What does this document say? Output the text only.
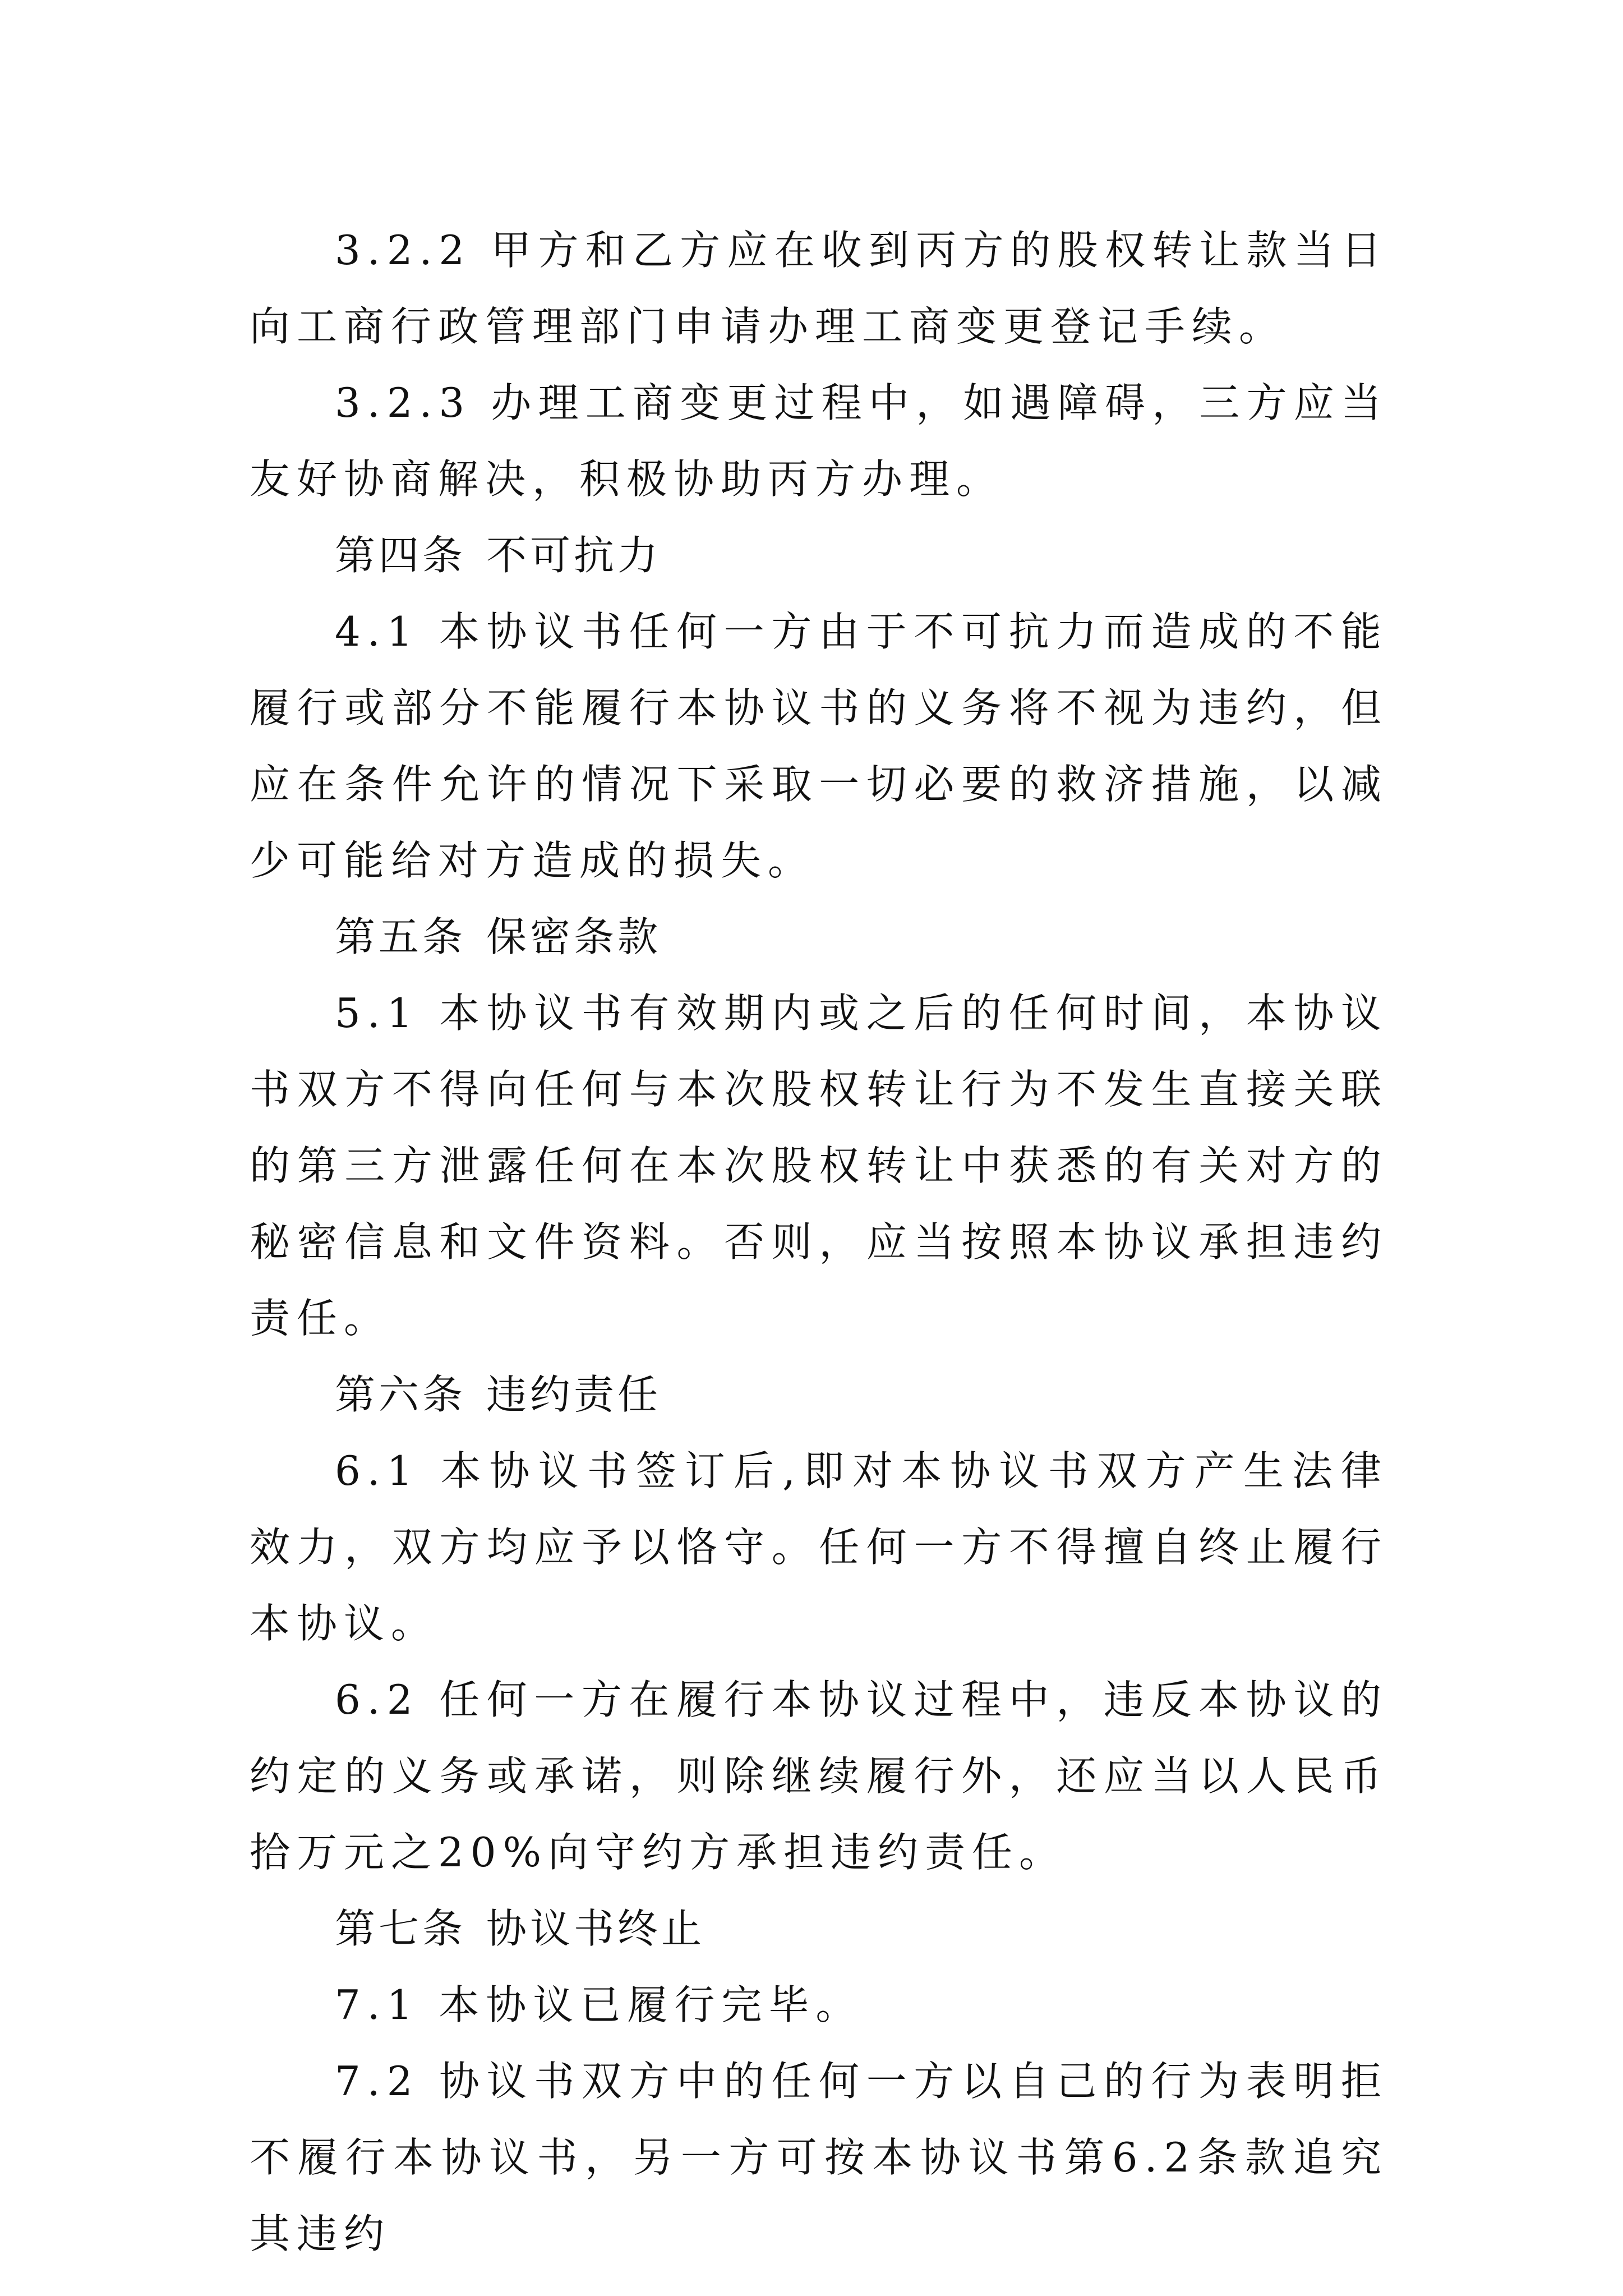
3.2.2 甲方和乙方应在收到丙方的股权转让款当日向工商行政管理部门申请办理工商变更登记手续。

3.2.3 办理工商变更过程中，如遇障碍，三方应当友好协商解决，积极协助丙方办理。

第四条 不可抗力

4.1 本协议书任何一方由于不可抗力而造成的不能履行或部分不能履行本协议书的义务将不视为违约，但应在条件允许的情况下采取一切必要的救济措施，以减少可能给对方造成的损失。

第五条 保密条款

5.1 本协议书有效期内或之后的任何时间，本协议书双方不得向任何与本次股权转让行为不发生直接关联的第三方泄露任何在本次股权转让中获悉的有关对方的秘密信息和文件资料。否则，应当按照本协议承担违约责任。

第六条 违约责任

6.1 本协议书签订后,即对本协议书双方产生法律效力，双方均应予以恪守。任何一方不得擅自终止履行本协议。

6.2 任何一方在履行本协议过程中，违反本协议的约定的义务或承诺，则除继续履行外，还应当以人民币拾万元之20%向守约方承担违约责任。

第七条 协议书终止

7.1 本协议已履行完毕。

7.2 协议书双方中的任何一方以自己的行为表明拒不履行本协议书，另一方可按本协议书第6.2条款追究其违约
